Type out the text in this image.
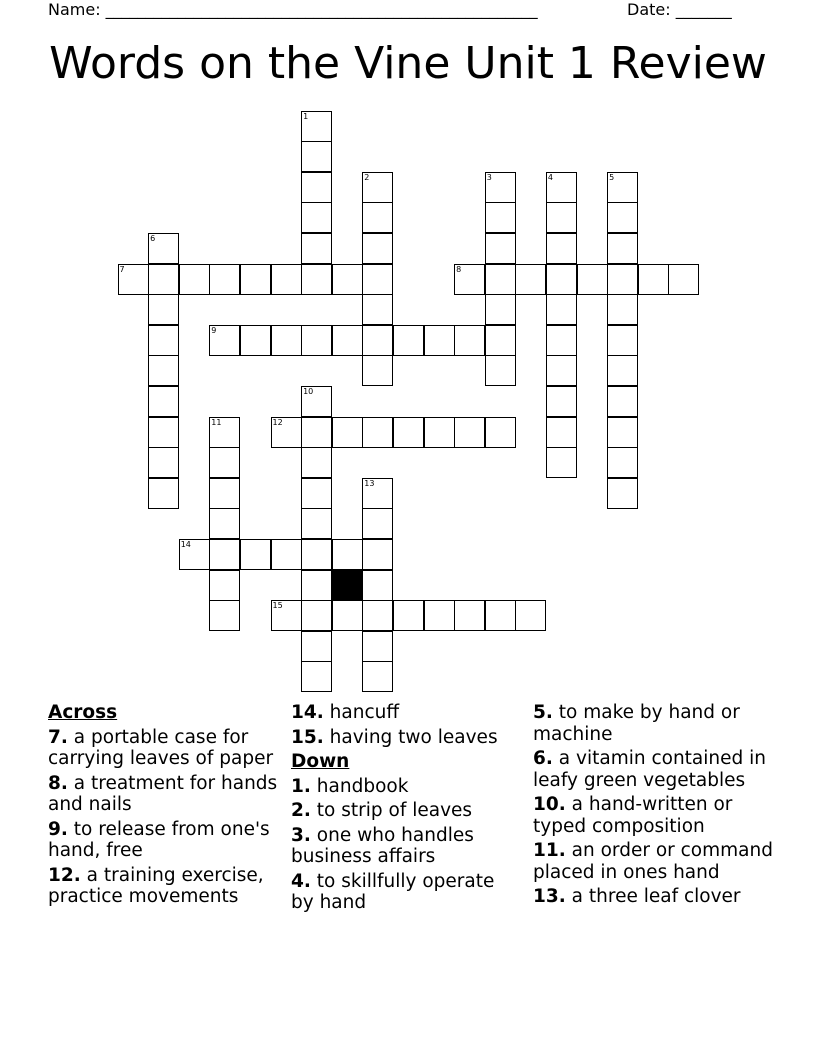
Name: ______________________________________________________	Date: _______
Words on the Vine Unit 1 Review
1
2	3	4	5
6
7	8
9
10
11	12
13
14
15
Across
7. a portable case for carrying leaves of paper
8. a treatment for hands and nails
9. to release from one's hand, free
12. a training exercise, practice movements
14. hancuff
15. having two leaves
Down
1. handbook
2. to strip of leaves
3. one who handles business affairs
4. to skillfully operate by hand
5. to make by hand or machine
6. a vitamin contained in leafy green vegetables
10. a hand-written or typed composition
11. an order or command placed in ones hand
13. a three leaf clover
